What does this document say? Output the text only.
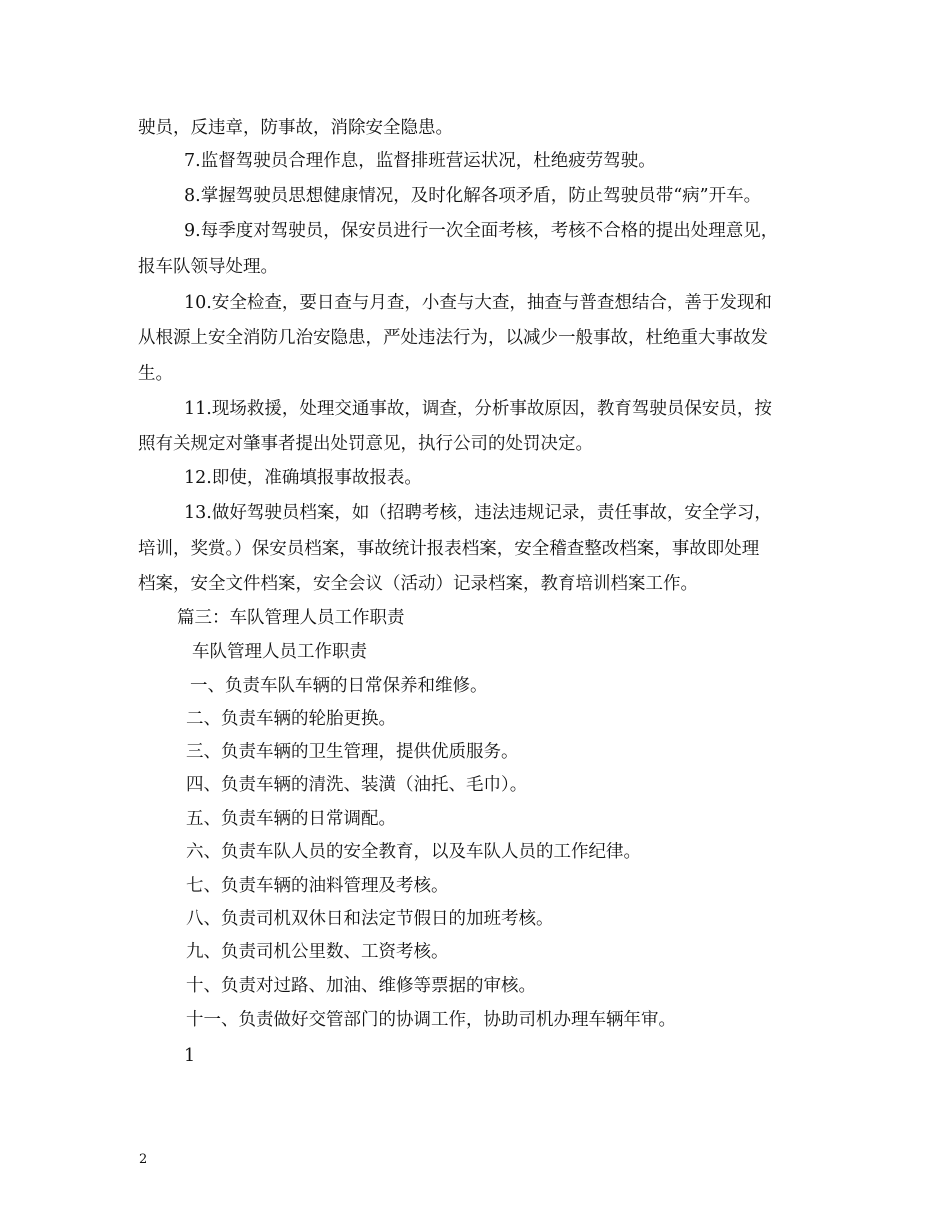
驶员，反违章，防事故，消除安全隐患。
7.监督驾驶员合理作息，监督排班营运状况，杜绝疲劳驾驶。
8.掌握驾驶员思想健康情况，及时化解各项矛盾，防止驾驶员带“病”开车。
9.每季度对驾驶员，保安员进行一次全面考核，考核不合格的提出处理意见，
报车队领导处理。
10.安全检查，要日查与月查，小查与大查，抽查与普查想结合，善于发现和
从根源上安全消防几治安隐患，严处违法行为，以减少一般事故，杜绝重大事故发
生。
11.现场救援，处理交通事故，调查，分析事故原因，教育驾驶员保安员，按
照有关规定对肇事者提出处罚意见，执行公司的处罚决定。
12.即使，准确填报事故报表。
13.做好驾驶员档案，如（招聘考核，违法违规记录，责任事故，安全学习，
培训，奖赏。）保安员档案，事故统计报表档案，安全稽查整改档案，事故即处理
档案，安全文件档案，安全会议（活动）记录档案，教育培训档案工作。
篇三：车队管理人员工作职责
车队管理人员工作职责
一、负责车队车辆的日常保养和维修。
二、负责车辆的轮胎更换。
三、负责车辆的卫生管理，提供优质服务。
四、负责车辆的清洗、装潢（油托、毛巾）。
五、负责车辆的日常调配。
六、负责车队人员的安全教育，以及车队人员的工作纪律。
七、负责车辆的油料管理及考核。
八、负责司机双休日和法定节假日的加班考核。
九、负责司机公里数、工资考核。
十、负责对过路、加油、维修等票据的审核。
十一、负责做好交管部门的协调工作，协助司机办理车辆年审。
1
2
